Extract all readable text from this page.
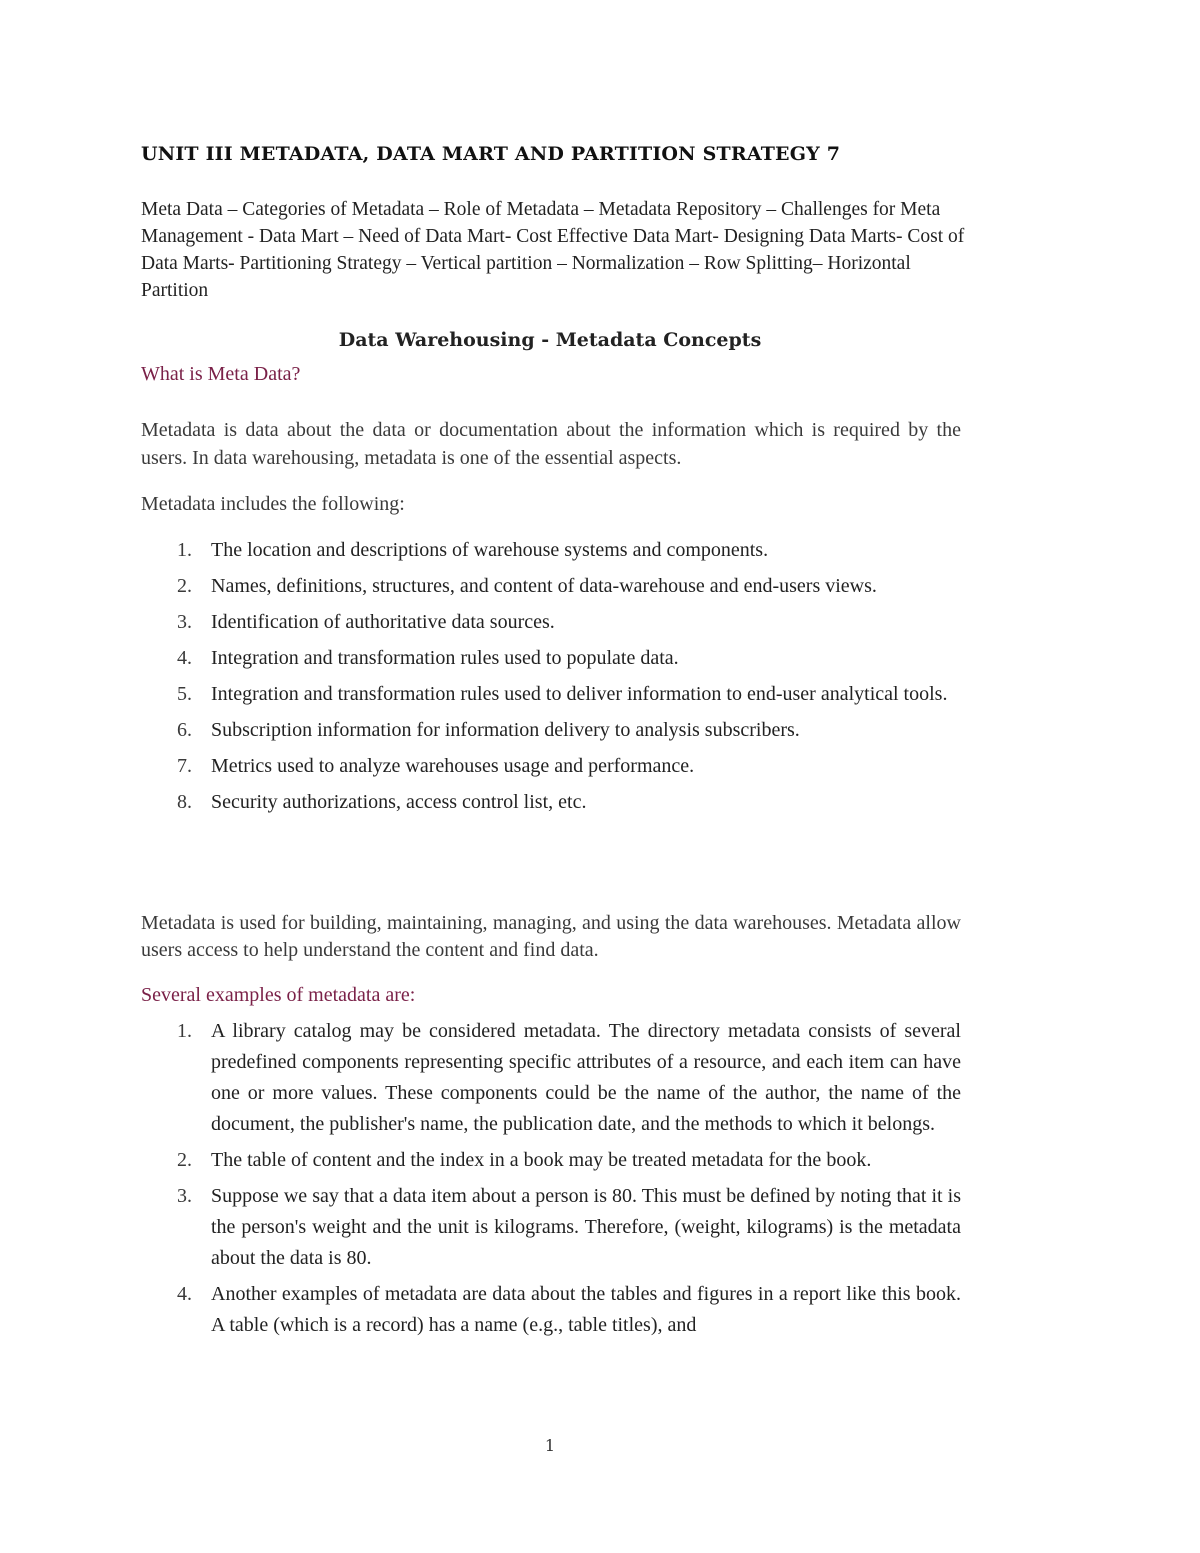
UNIT III METADATA, DATA MART AND PARTITION STRATEGY 7
Meta Data – Categories of Metadata – Role of Metadata – Metadata Repository – Challenges for Meta Management - Data Mart – Need of Data Mart- Cost Effective Data Mart- Designing Data Marts- Cost of Data Marts- Partitioning Strategy – Vertical partition – Normalization – Row Splitting– Horizontal Partition
Data Warehousing - Metadata Concepts
What is Meta Data?
Metadata is data about the data or documentation about the information which is required by the users. In data warehousing, metadata is one of the essential aspects.
Metadata includes the following:
1. The location and descriptions of warehouse systems and components.
2. Names, definitions, structures, and content of data-warehouse and end-users views.
3. Identification of authoritative data sources.
4. Integration and transformation rules used to populate data.
5. Integration and transformation rules used to deliver information to end-user analytical tools.
6. Subscription information for information delivery to analysis subscribers.
7. Metrics used to analyze warehouses usage and performance.
8. Security authorizations, access control list, etc.
Metadata is used for building, maintaining, managing, and using the data warehouses. Metadata allow users access to help understand the content and find data.
Several examples of metadata are:
1. A library catalog may be considered metadata. The directory metadata consists of several predefined components representing specific attributes of a resource, and each item can have one or more values. These components could be the name of the author, the name of the document, the publisher's name, the publication date, and the methods to which it belongs.
2. The table of content and the index in a book may be treated metadata for the book.
3. Suppose we say that a data item about a person is 80. This must be defined by noting that it is the person's weight and the unit is kilograms. Therefore, (weight, kilograms) is the metadata about the data is 80.
4. Another examples of metadata are data about the tables and figures in a report like this book. A table (which is a record) has a name (e.g., table titles), and
1
